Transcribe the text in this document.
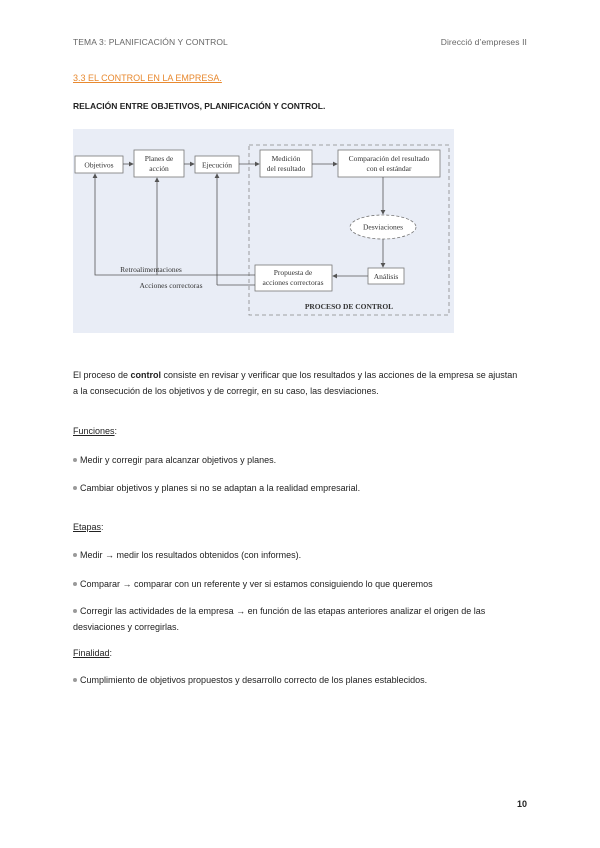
TEMA 3: PLANIFICACIÓN Y CONTROL	Direcció d’empreses II
3.3 EL CONTROL EN LA EMPRESA.
RELACIÓN ENTRE OBJETIVOS, PLANIFICACIÓN Y CONTROL.
Objetivos
Planes de
acción	Ejecución
Medición
del resultado
Comparación del resultado
con el estándar
Desviaciones
Análisis
Propuesta de
acciones correctoras
Retroalimentaciones
Acciones correctoras
PROCESO DE CONTROL
El proceso de control consiste en revisar y verificar que los resultados y las acciones de la empresa se ajustan a la consecución de los objetivos y de corregir, en su caso, las desviaciones.
Funciones:
Medir y corregir para alcanzar objetivos y planes.
Cambiar objetivos y planes si no se adaptan a la realidad empresarial.
Etapas:
Medir → medir los resultados obtenidos (con informes).
Comparar → comparar con un referente y ver si estamos consiguiendo lo que queremos
Corregir las actividades de la empresa → en función de las etapas anteriores analizar el origen de las desviaciones y corregirlas.
Finalidad:
Cumplimiento de objetivos propuestos y desarrollo correcto de los planes establecidos.
10
